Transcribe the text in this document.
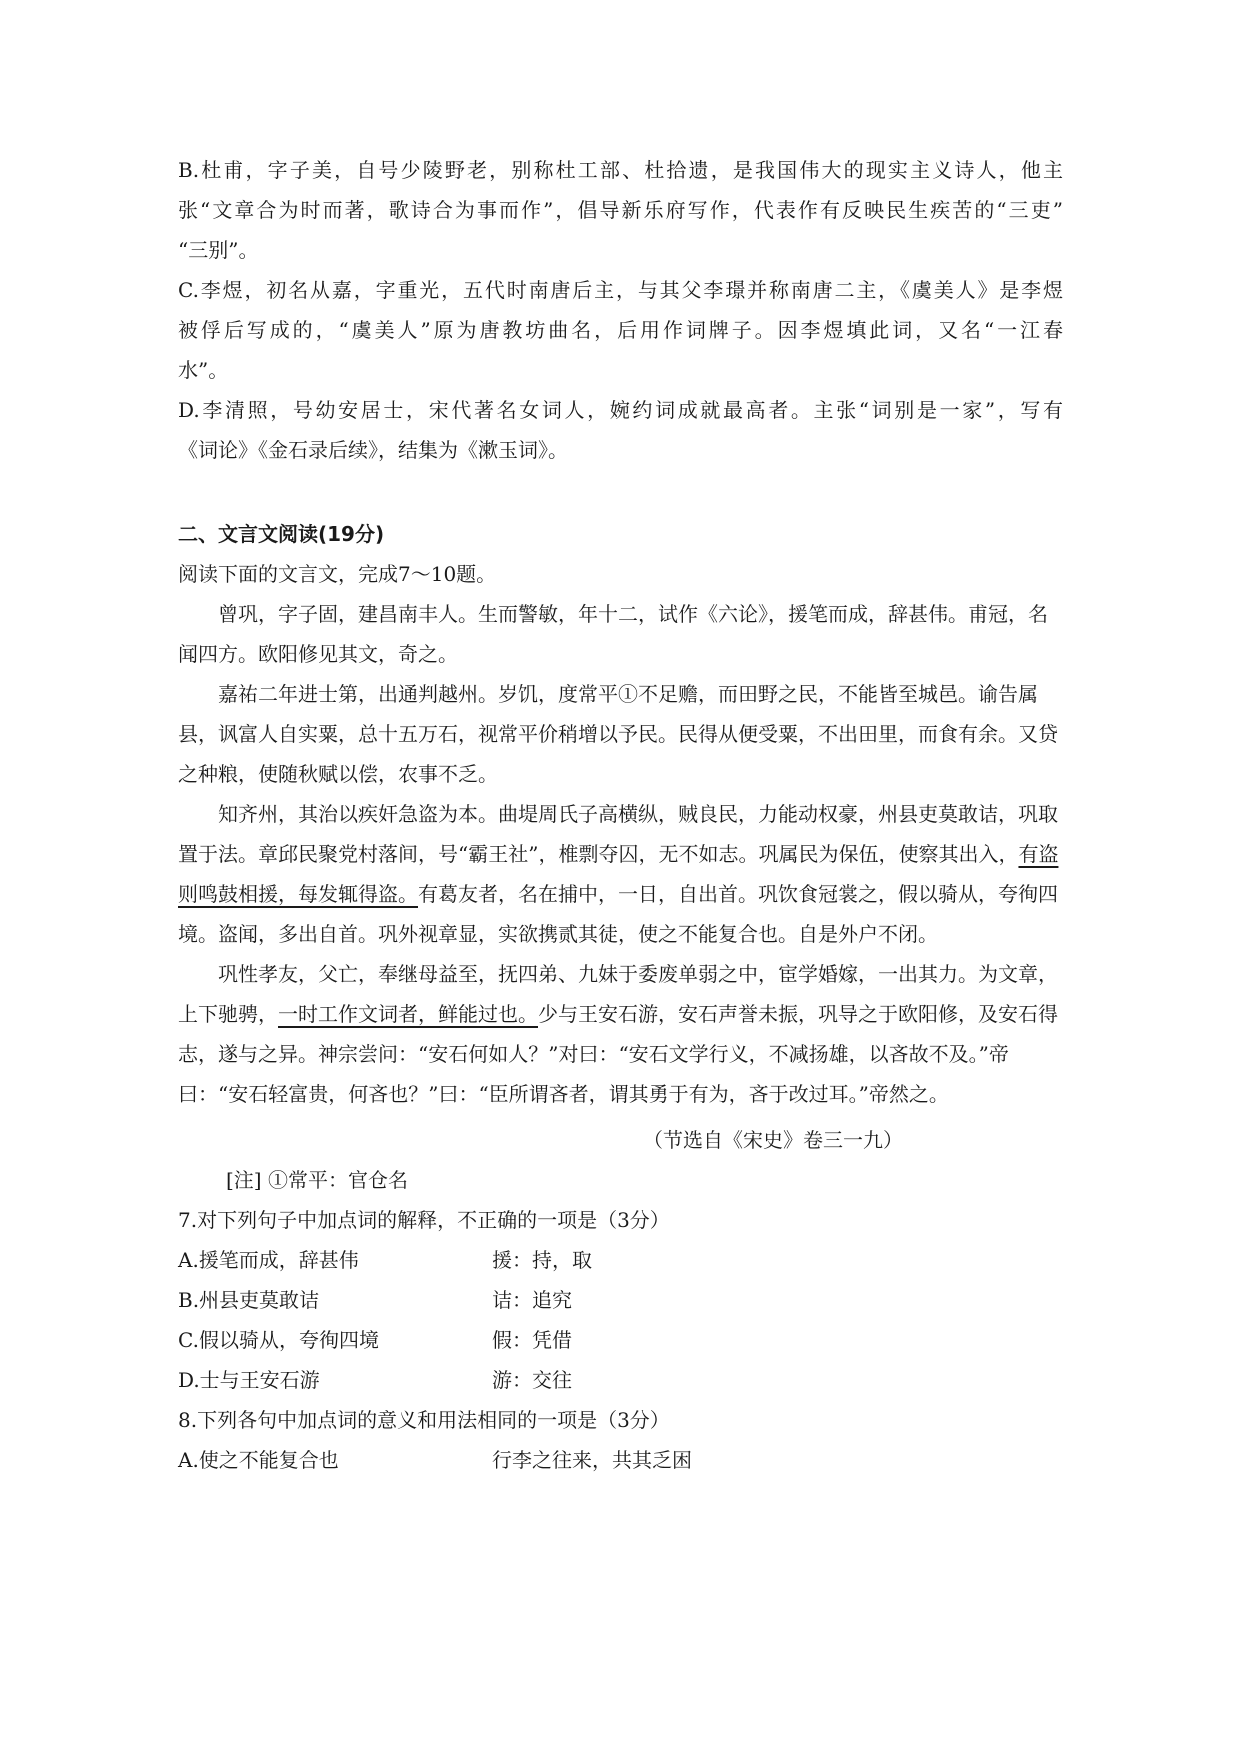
B.杜甫，字子美，自号少陵野老，别称杜工部、杜拾遗，是我国伟大的现实主义诗人，他主
张“文章合为时而著，歌诗合为事而作”，倡导新乐府写作，代表作有反映民生疾苦的“三吏”
“三别”。
C.李煜，初名从嘉，字重光，五代时南唐后主，与其父李璟并称南唐二主，《虞美人》是李煜
被俘后写成的，“虞美人”原为唐教坊曲名，后用作词牌子。因李煜填此词，又名“一江春
水”。
D.李清照，号幼安居士，宋代著名女词人，婉约词成就最高者。主张“词别是一家”，写有
《词论》《金石录后续》，结集为《漱玉词》。
二、文言文阅读(19分)
阅读下面的文言文，完成7～10题。
曾巩，字子固，建昌南丰人。生而警敏，年十二，试作《六论》，援笔而成，辞甚伟。甫冠，名闻四方。欧阳修见其文，奇之。
嘉祐二年进士第，出通判越州。岁饥，度常平①不足赡，而田野之民，不能皆至城邑。谕告属县，讽富人自实粟，总十五万石，视常平价稍增以予民。民得从便受粟，不出田里，而食有余。又贷之种粮，使随秋赋以偿，农事不乏。
知齐州，其治以疾奸急盗为本。曲堤周氏子高横纵，贼良民，力能动权豪，州县吏莫敢诘，巩取置于法。章邱民聚党村落间，号“霸王社”，椎剽夺囚，无不如志。巩属民为保伍，使察其出入，有盗则鸣鼓相援，每发辄得盗。有葛友者，名在捕中，一日，自出首。巩饮食冠裳之，假以骑从，夸徇四境。盗闻，多出自首。巩外视章显，实欲携贰其徒，使之不能复合也。自是外户不闭。
巩性孝友，父亡，奉继母益至，抚四弟、九妹于委废单弱之中，宦学婚嫁，一出其力。为文章，上下驰骋，一时工作文词者，鲜能过也。少与王安石游，安石声誉未振，巩导之于欧阳修，及安石得志，遂与之异。神宗尝问：“安石何如人？”对曰：“安石文学行义，不减扬雄，以吝故不及。”帝曰：“安石轻富贵，何吝也？”曰：“臣所谓吝者，谓其勇于有为，吝于改过耳。”帝然之。
（节选自《宋史》卷三一九）
[注] ①常平：官仓名
7.对下列句子中加点词的解释，不正确的一项是（3分）
A.援笔而成，辞甚伟	援：持，取
B.州县吏莫敢诘	诘：追究
C.假以骑从，夸徇四境	假：凭借
D.士与王安石游	游：交往
8.下列各句中加点词的意义和用法相同的一项是（3分）
A.使之不能复合也	行李之往来，共其乏困
